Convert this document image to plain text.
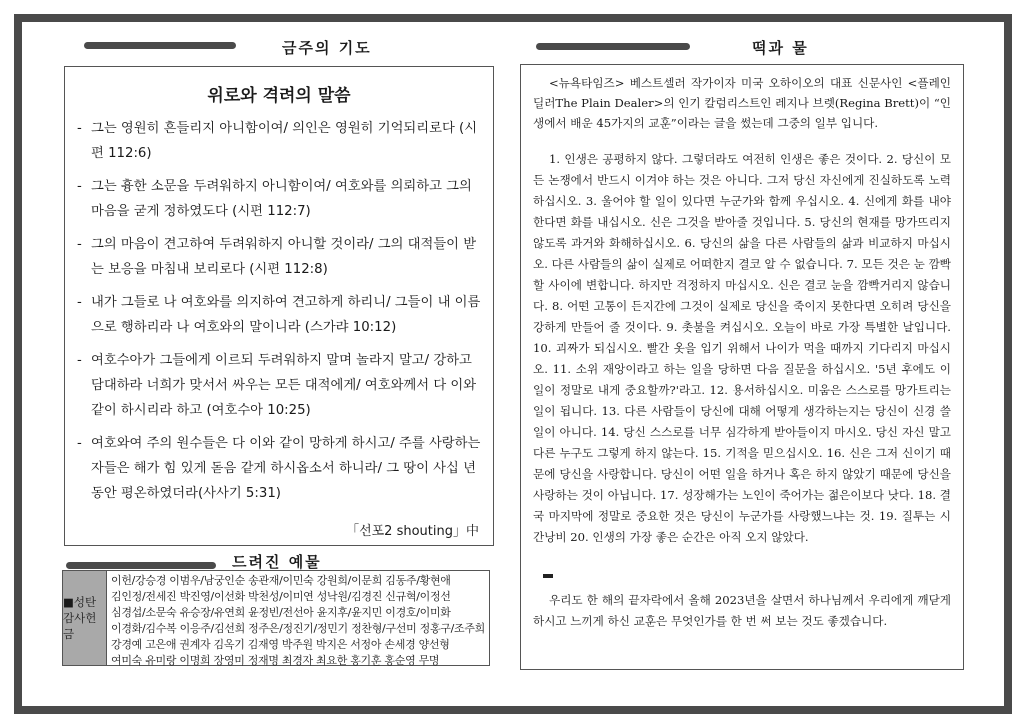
금주의 기도	떡과 물
위로와 격려의 말씀
- 그는 영원히 흔들리지 아니함이여/ 의인은 영원히 기억되리로다 (시편 112:6)
- 그는 흉한 소문을 두려워하지 아니함이여/ 여호와를 의뢰하고 그의 마음을 굳게 정하였도다 (시편 112:7)
- 그의 마음이 견고하여 두려워하지 아니할 것이라/ 그의 대적들이 받는 보응을 마침내 보리로다 (시편 112:8)
- 내가 그들로 나 여호와를 의지하여 견고하게 하리니/ 그들이 내 이름으로 행하리라 나 여호와의 말이니라 (스가랴 10:12)
- 여호수아가 그들에게 이르되 두려워하지 말며 놀라지 말고/ 강하고 담대하라 너희가 맞서서 싸우는 모든 대적에게/ 여호와께서 다 이와 같이 하시리라 하고 (여호수아 10:25)
- 여호와여 주의 원수들은 다 이와 같이 망하게 하시고/ 주를 사랑하는 자들은 해가 힘 있게 돋음 같게 하시옵소서 하니라/ 그 땅이 사십 년 동안 평온하였더라(사사기 5:31)
「선포2 shouting」中
드려진 예물
■성탄감사헌금
이헌/강승경 이범우/남궁인순 송관재/이민숙 강원희/이문희 김동주/황현애
김인정/전세진 박진영/이선화 박천성/이미연 성낙원/김경진 신규혁/이정선
심경섭/소문숙 유승장/유연희 윤정빈/전선아 윤지후/윤지민 이경호/이미화
이경화/김수복 이응주/김선희 정주은/정진기/정민기 정찬형/구선미 정홍구/조주희
강경예 고은애 권계자 김옥기 김재영 박주원 박지은 서정아 손세경 양선형
여미숙 유미랑 이명희 장영미 정재명 최경자 최요한 홍기훈 홍순영 무명

<뉴욕타임즈> 베스트셀러 작가이자 미국 오하이오의 대표 신문사인 <플레인 딜러The Plain Dealer>의 인기 칼럼리스트인 레지나 브렛(Regina Brett)이 “인생에서 배운 45가지의 교훈”이라는 글을 썼는데 그중의 일부 입니다.

1. 인생은 공평하지 않다. 그렇더라도 여전히 인생은 좋은 것이다. 2. 당신이 모든 논쟁에서 반드시 이겨야 하는 것은 아니다. 그저 당신 자신에게 진실하도록 노력하십시오. 3. 울어야 할 일이 있다면 누군가와 함께 우십시오. 4. 신에게 화를 내야 한다면 화를 내십시오. 신은 그것을 받아줄 것입니다. 5. 당신의 현재를 망가뜨리지 않도록 과거와 화해하십시오. 6. 당신의 삶을 다른 사람들의 삶과 비교하지 마십시오. 다른 사람들의 삶이 실제로 어떠한지 결코 알 수 없습니다. 7. 모든 것은 눈 깜빡할 사이에 변합니다. 하지만 걱정하지 마십시오. 신은 결코 눈을 깜빡거리지 않습니다. 8. 어떤 고통이 든지간에 그것이 실제로 당신을 죽이지 못한다면 오히려 당신을 강하게 만들어 줄 것이다. 9. 촛불을 켜십시오. 오늘이 바로 가장 특별한 날입니다. 10. 괴짜가 되십시오. 빨간 옷을 입기 위해서 나이가 먹을 때까지 기다리지 마십시오. 11. 소위 재앙이라고 하는 일을 당하면 다음 질문을 하십시오. '5년 후에도 이 일이 정말로 내게 중요할까?'라고. 12. 용서하십시오. 미움은 스스로를 망가트리는 일이 됩니다. 13. 다른 사람들이 당신에 대해 어떻게 생각하는지는 당신이 신경 쓸 일이 아니다. 14. 당신 스스로를 너무 심각하게 받아들이지 마시오. 당신 자신 말고 다른 누구도 그렇게 하지 않는다. 15. 기적을 믿으십시오. 16. 신은 그저 신이기 때문에 당신을 사랑합니다. 당신이 어떤 일을 하거나 혹은 하지 않았기 때문에 당신을 사랑하는 것이 아닙니다. 17. 성장해가는 노인이 죽어가는 젊은이보다 낫다. 18. 결국 마지막에 정말로 중요한 것은 당신이 누군가를 사랑했느냐는 것. 19. 질투는 시간낭비 20. 인생의 가장 좋은 순간은 아직 오지 않았다.

우리도 한 해의 끝자락에서 올해 2023년을 살면서 하나님께서 우리에게 깨닫게 하시고 느끼게 하신 교훈은 무엇인가를 한 번 써 보는 것도 좋겠습니다.
